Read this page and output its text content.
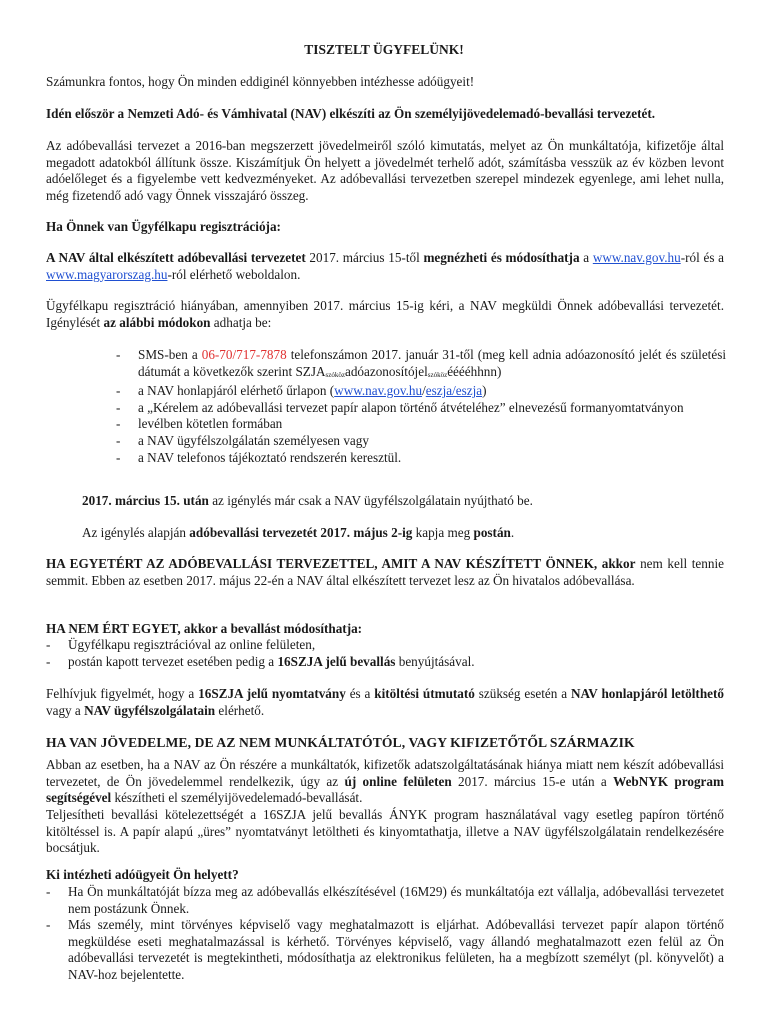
TISZTELT ÜGYFELÜNK!

Számunkra fontos, hogy Ön minden eddiginél könnyebben intézhesse adóügyeit!

Idén először a Nemzeti Adó- és Vámhivatal (NAV) elkészíti az Ön személyijövedelemadó-bevallási tervezetét.

Az adóbevallási tervezet a 2016-ban megszerzett jövedelmeiről szóló kimutatás, melyet az Ön munkáltatója, kifizetője által megadott adatokból állítunk össze. Kiszámítjuk Ön helyett a jövedelmét terhelő adót, számításba vesszük az év közben levont adóelőleget és a figyelembe vett kedvezményeket. Az adóbevallási tervezetben szerepel mindezek egyenlege, ami lehet nulla, még fizetendő adó vagy Önnek visszajáró összeg.

Ha Önnek van Ügyfélkapu regisztrációja:

A NAV által elkészített adóbevallási tervezetet 2017. március 15-től megnézheti és módosíthatja a www.nav.gov.hu-ról és a www.magyarorszag.hu-ról elérhető weboldalon.

Ügyfélkapu regisztráció hiányában, amennyiben 2017. március 15-ig kéri, a NAV megküldi Önnek adóbevallási tervezetét. Igénylését az alábbi módokon adhatja be:

- SMS-ben a 06-70/717-7878 telefonszámon 2017. január 31-től (meg kell adnia adóazonosító jelét és születési dátumát a következők szerint SZJAszóközadóazonosítójelszóközéééé​hhnn)
- a NAV honlapjáról elérhető űrlapon (www.nav.gov.hu/eszja/eszja)
- a „Kérelem az adóbevallási tervezet papír alapon történő átvételéhez” elnevezésű formanyomtatványon
- levélben kötetlen formában
- a NAV ügyfélszolgálatán személyesen vagy
- a NAV telefonos tájékoztató rendszerén keresztül.

2017. március 15. után az igénylés már csak a NAV ügyfélszolgálatain nyújtható be.

Az igénylés alapján adóbevallási tervezetét 2017. május 2-ig kapja meg postán.

HA EGYETÉRT AZ ADÓBEVALLÁSI TERVEZETTEL, AMIT A NAV KÉSZÍTETT ÖNNEK, akkor nem kell tennie semmit. Ebben az esetben 2017. május 22-én a NAV által elkészített tervezet lesz az Ön hivatalos adóbevallása.

HA NEM ÉRT EGYET, akkor a bevallást módosíthatja:

- Ügyfélkapu regisztrációval az online felületen,
- postán kapott tervezet esetében pedig a 16SZJA jelű bevallás benyújtásával.

Felhívjuk figyelmét, hogy a 16SZJA jelű nyomtatvány és a kitöltési útmutató szükség esetén a NAV honlapjáról letölthető vagy a NAV ügyfélszolgálatain elérhető.

HA VAN JÖVEDELME, DE AZ NEM MUNKÁLTATÓTÓL, VAGY KIFIZETŐTŐL SZÁRMAZIK

Abban az esetben, ha a NAV az Ön részére a munkáltatók, kifizetők adatszolgáltatásának hiánya miatt nem készít adóbevallási tervezetet, de Ön jövedelemmel rendelkezik, úgy az új online felületen 2017. március 15-e után a WebNYK program segítségével készítheti el személyijövedelemadó-bevallását.

Teljesítheti bevallási kötelezettségét a 16SZJA jelű bevallás ÁNYK program használatával vagy esetleg papíron történő kitöltéssel is. A papír alapú „üres” nyomtatványt letöltheti és kinyomtathatja, illetve a NAV ügyfélszolgálatain rendelkezésére bocsátjuk.

Ki intézheti adóügyeit Ön helyett?

- Ha Ön munkáltatóját bízza meg az adóbevallás elkészítésével (16M29) és munkáltatója ezt vállalja, adóbevallási tervezetet nem postázunk Önnek.
- Más személy, mint törvényes képviselő vagy meghatalmazott is eljárhat. Adóbevallási tervezet papír alapon történő megküldése eseti meghatalmazással is kérhető. Törvényes képviselő, vagy állandó meghatalmazott ezen felül az Ön adóbevallási tervezetét is megtekintheti, módosíthatja az elektronikus felületen, ha a megbízott személyt (pl. könyvelőt) a NAV-hoz bejelentette.
